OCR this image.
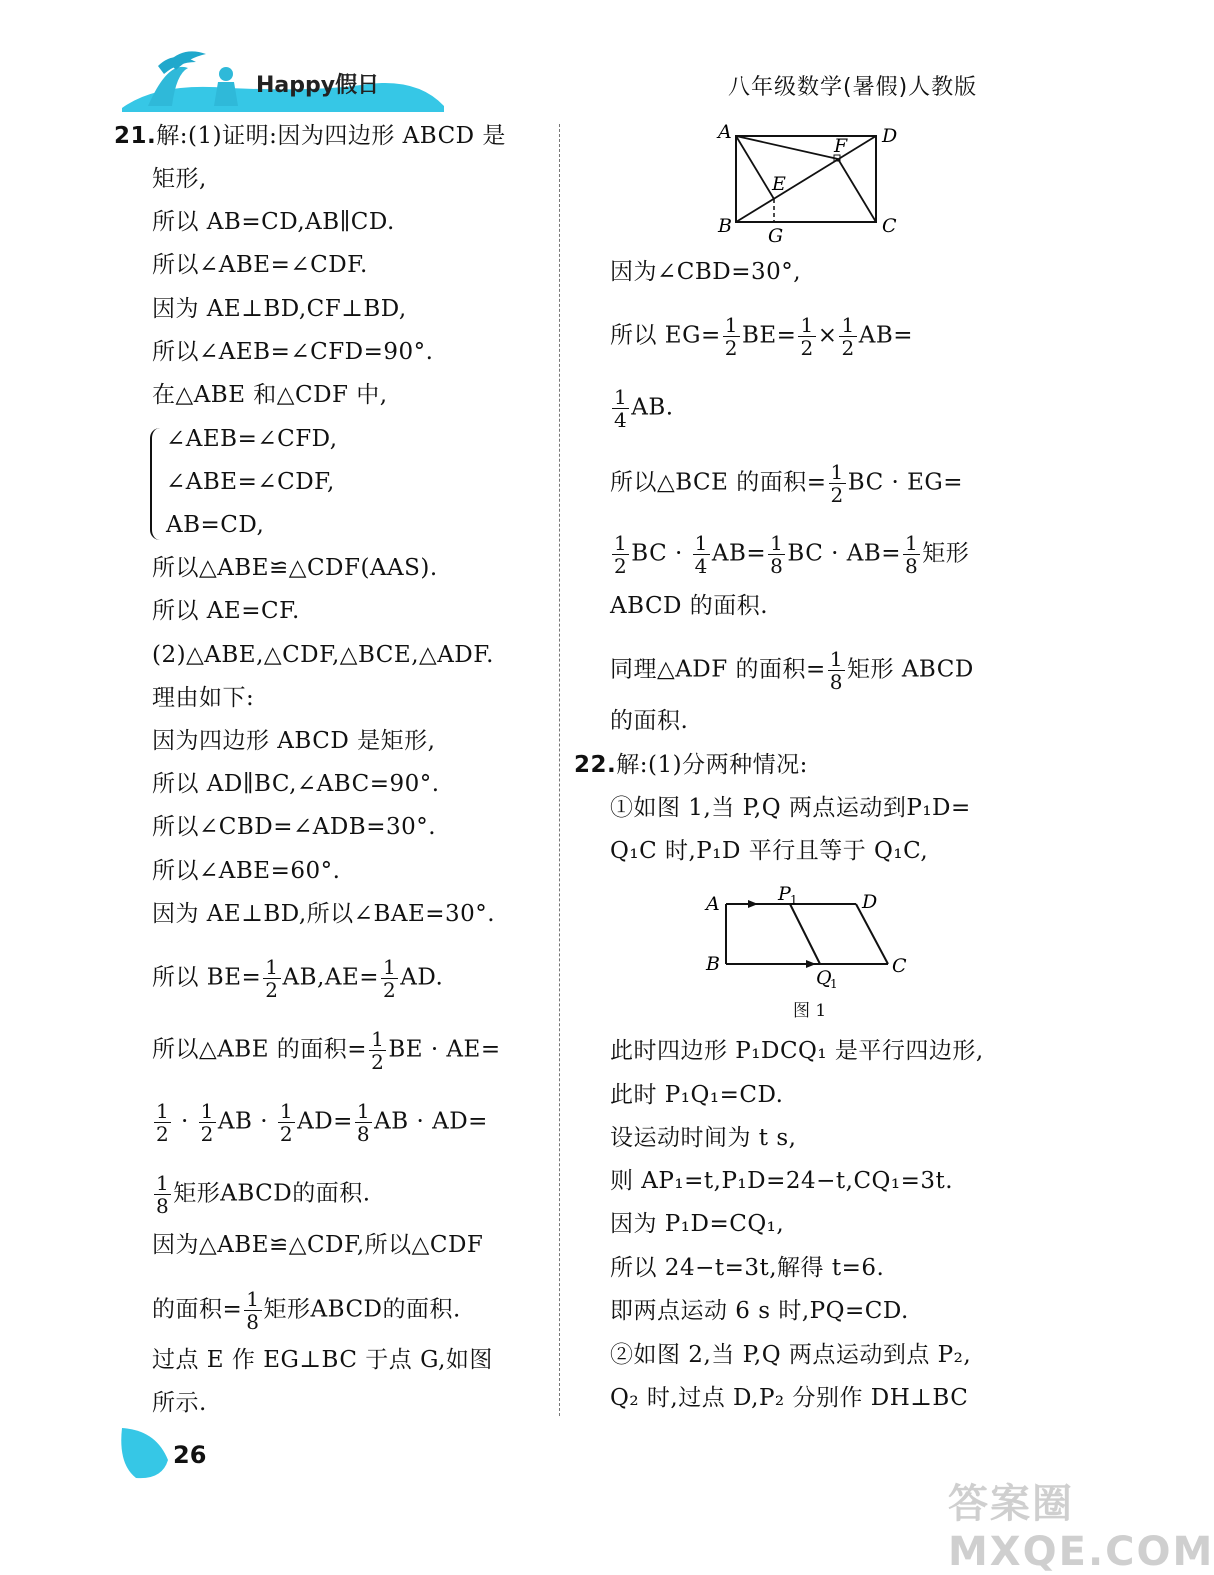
Happy假日	八年级数学(暑假)人教版
21.解:(1)证明:因为四边形 ABCD 是
矩形,
所以 AB=CD,AB∥CD.
所以∠ABE=∠CDF.
因为 AE⊥BD,CF⊥BD,
所以∠AEB=∠CFD=90°.
在△ABE 和△CDF 中,
∠AEB=∠CFD,
∠ABE=∠CDF,
AB=CD,
所以△ABE≌△CDF(AAS).
所以 AE=CF.
(2)△ABE,△CDF,△BCE,△ADF.
理由如下:
因为四边形 ABCD 是矩形,
所以 AD∥BC,∠ABC=90°.
所以∠CBD=∠ADB=30°.
所以∠ABE=60°.
因为 AE⊥BD,所以∠BAE=30°.
所以 $BE= \frac{1}{2} AB,AE= \frac{1}{2}$ AD.
所以△ABE 的面积= $\frac{1}{2}$ BE · AE=
$\frac{1}{2} \cdot \frac{1}{2}$ AB · $\frac{1}{2} AD= \frac{1}{8}$ AB · AD=
$\frac{1}{8}$ 矩形ABCD的面积.
因为△ABE≌△CDF,所以△CDF
的面积= $\frac{1}{8}$ 矩形ABCD的面积.
过点 E 作 EG⊥BC 于点 G,如图
所示.
因为∠CBD=30°,
所以 $EG= \frac{1}{2} BE= \frac{1}{2} \times \frac{1}{2} AB=$
$\frac{1}{4}$ AB.
所以△BCE 的面积= $\frac{1}{2}$ BC · EG=
$\frac{1}{2}$ BC · $\frac{1}{4} AB= \frac{1}{8}$ BC · $AB= \frac{1}{8}$ 矩形
ABCD 的面积.
同理△ADF 的面积= $\frac{1}{8}$ 矩形 ABCD
的面积.
22.解:(1)分两种情况:
①如图 1,当 P,Q 两点运动到P₁D=
Q₁C 时,P₁D 平行且等于 Q₁C,
此时四边形 P₁DCQ₁ 是平行四边形,
此时 P₁Q₁=CD.
设运动时间为 t s,
则 AP₁=t,P₁D=24−t,CQ₁=3t.
因为 P₁D=CQ₁,
所以 24−t=3t,解得 t=6.
即两点运动 6 s 时,PQ=CD.
②如图 2,当 P,Q 两点运动到点 P₂,
Q₂ 时,过点 D,P₂ 分别作 DH⊥BC
A
B	C
D
E
F
G
A
B	C
D
P 1
Q
1
图 1
26
答案圈 MXQE.COM
